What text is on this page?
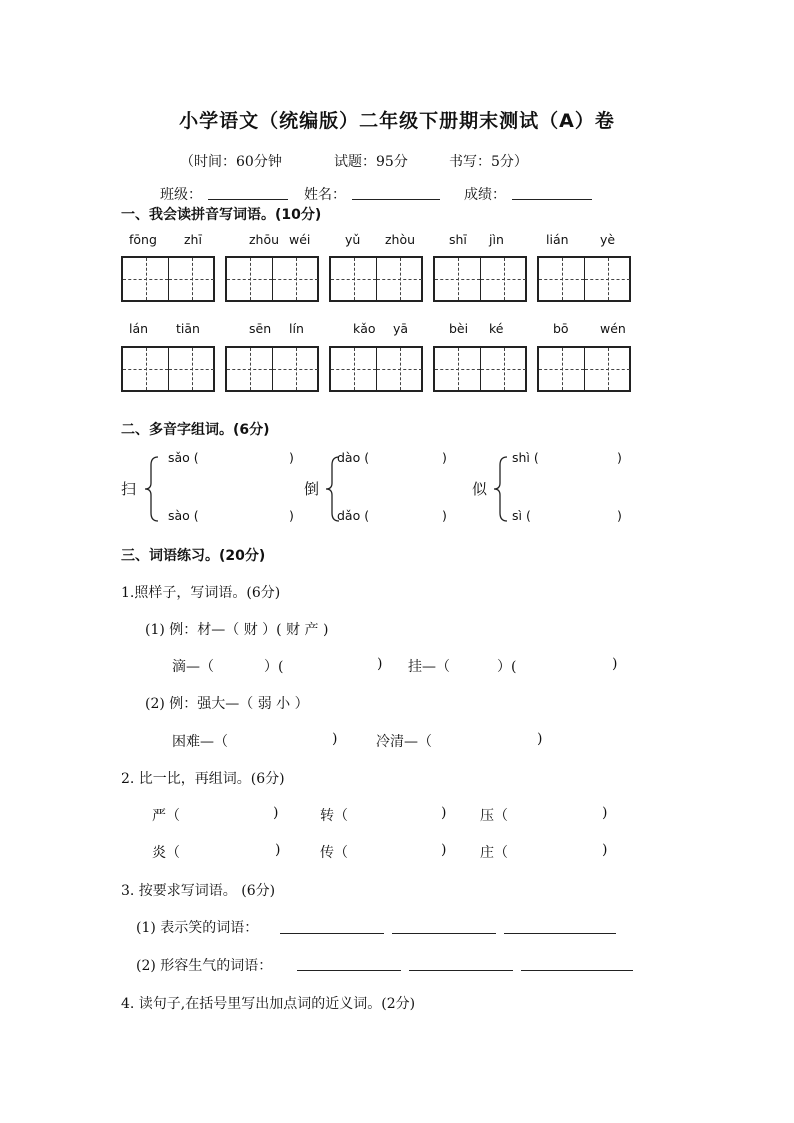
小学语文（统编版）二年级下册期末测试（A）卷
（时间：60分钟	试题：95分	书写：5分）
班级：	姓名：	成绩：
一、我会读拼音写词语。(10分)
fōng zhī	zhōu wéi	yǔ zhòu	shī jìn	lián	yè
lán tiān	sēn lín	kǎo yā	bèi ké	bō	wén
二、多音字组词。(6分)
扫
sǎo (	)
sào (	)
倒
dào (	)
dǎo (	)
似
shì (	)
sì (	)
三、词语练习。(20分)
1.照样子，写词语。(6分)
(1) 例：材—（ 财 ）( 财 产 )
滴—（	）(	) 挂—（	）(	)
(2) 例：强大—（ 弱 小 ）
困难—（	)	冷清—（	)
2. 比一比，再组词。(6分)
严（	)	转（	) 压（	)
炎（	)	传（	) 庄（	)
3. 按要求写词语。 (6分)
(1) 表示笑的词语：
(2) 形容生气的词语：
4. 读句子,在括号里写出加点词的近义词。(2分)
